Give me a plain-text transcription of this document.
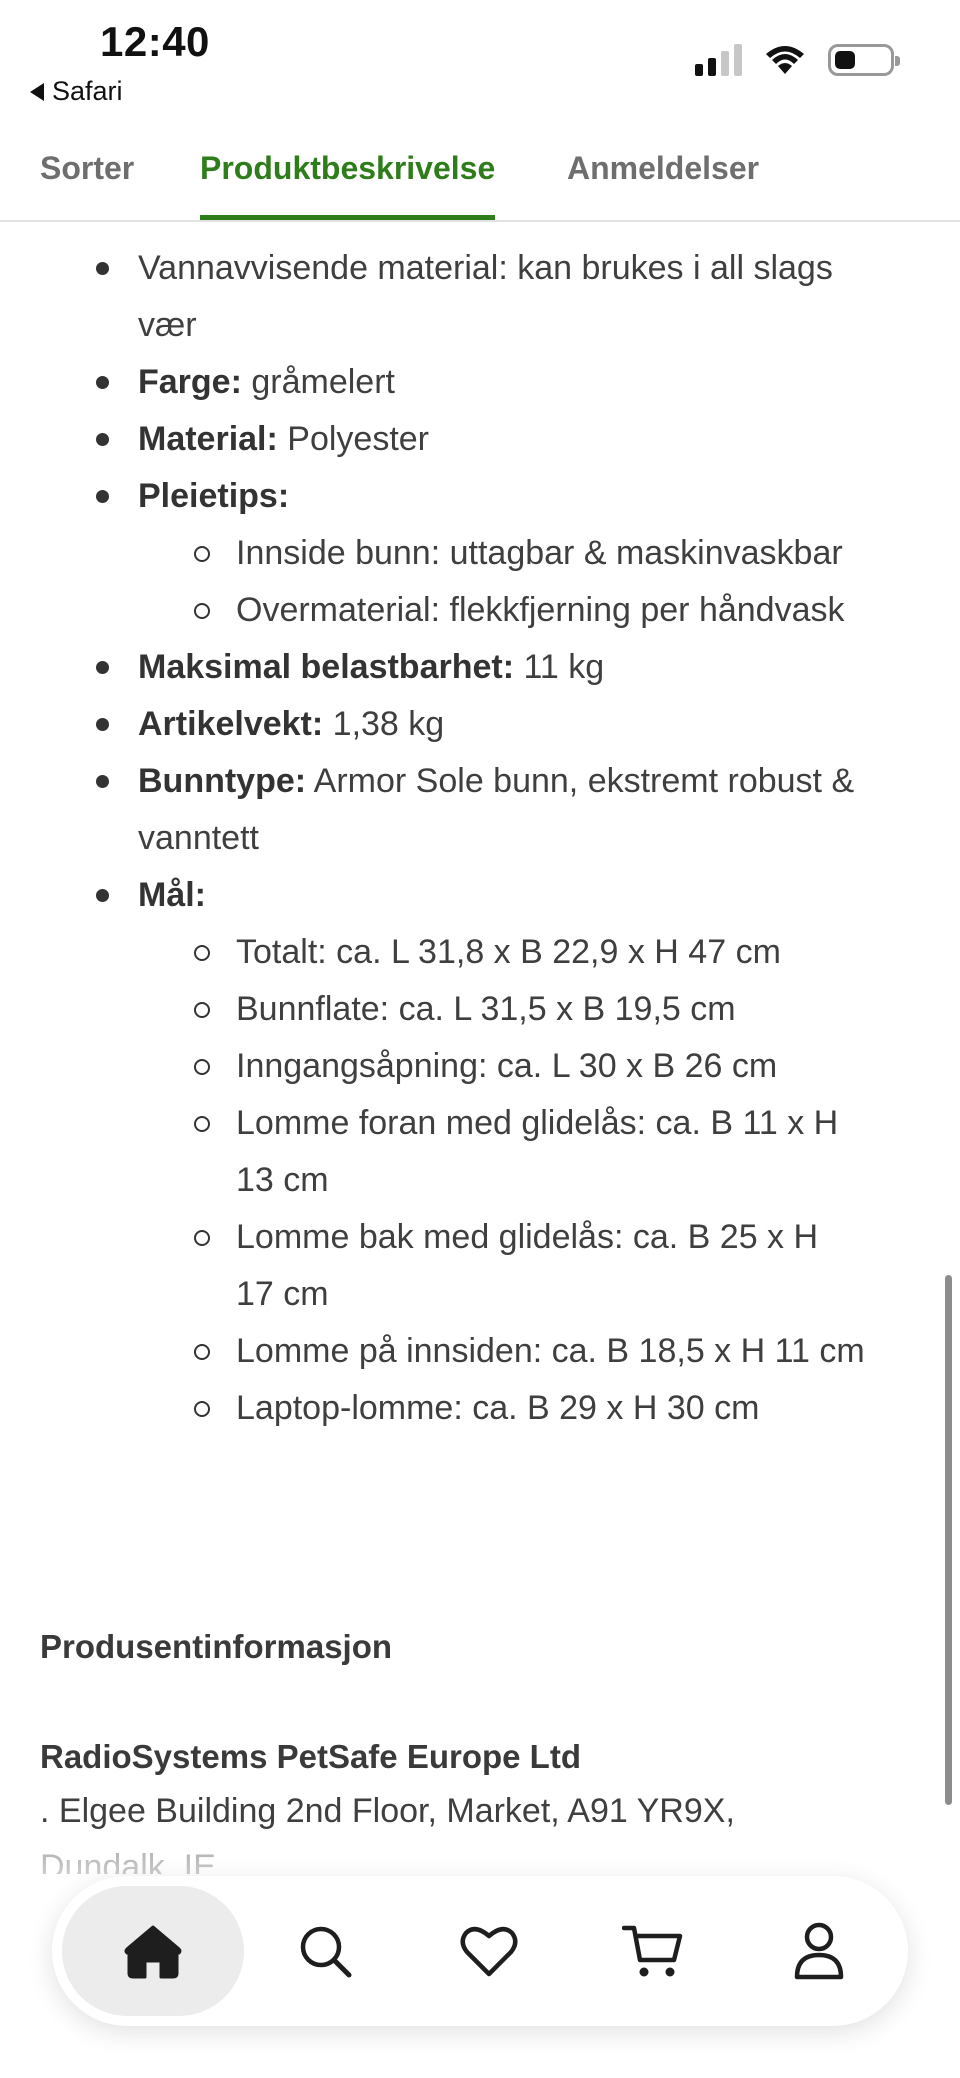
12:40
Safari
Sorter Produktbeskrivelse Anmeldelser
Vannavvisende material: kan brukes i all slags
vær
Farge: gråmelert
Material: Polyester
Pleietips:
Innside bunn: uttagbar & maskinvaskbar
Overmaterial: flekkfjerning per håndvask
Maksimal belastbarhet: 11 kg
Artikelvekt: 1,38 kg
Bunntype: Armor Sole bunn, ekstremt robust &
vanntett
Mål:
Totalt: ca. L 31,8 x B 22,9 x H 47 cm
Bunnflate: ca. L 31,5 x B 19,5 cm
Inngangsåpning: ca. L 30 x B 26 cm
Lomme foran med glidelås: ca. B 11 x H
13 cm
Lomme bak med glidelås: ca. B 25 x H
17 cm
Lomme på innsiden: ca. B 18,5 x H 11 cm
Laptop-lomme: ca. B 29 x H 30 cm
Produsentinformasjon
RadioSystems PetSafe Europe Ltd
. Elgee Building 2nd Floor, Market, A91 YR9X,
